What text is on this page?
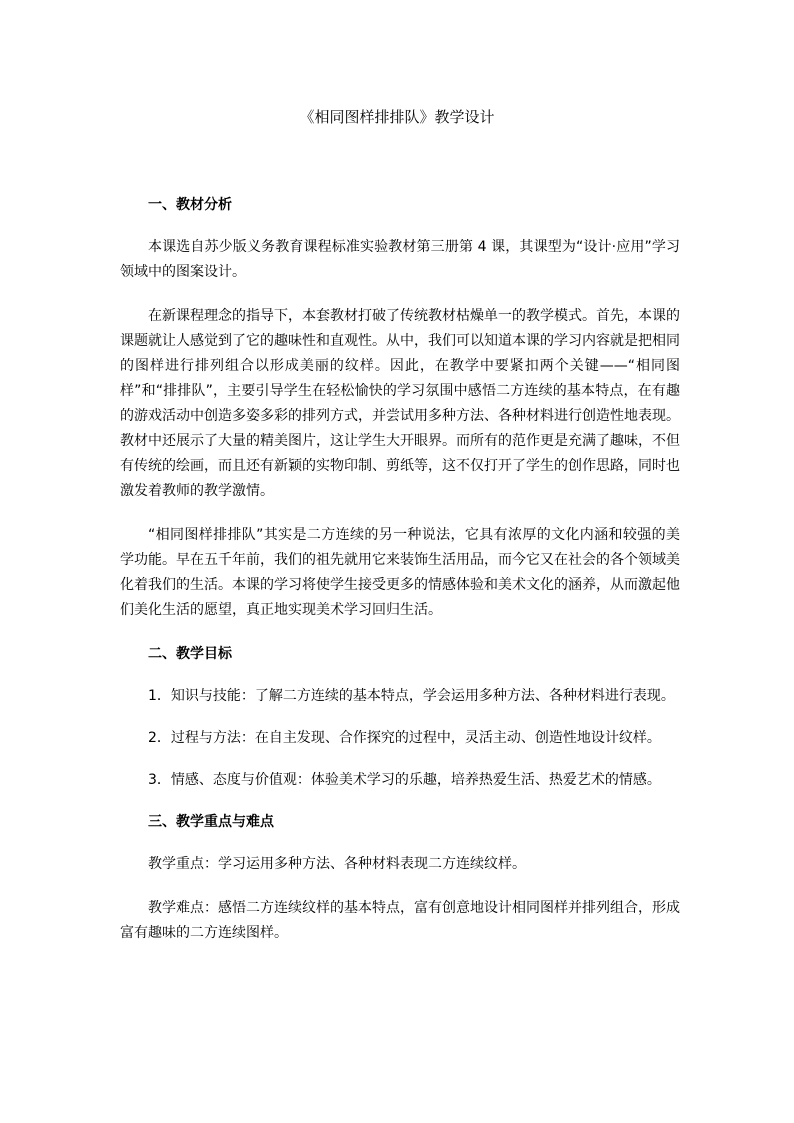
《相同图样排排队》教学设计
一、教材分析

本课选自苏少版义务教育课程标准实验教材第三册第 4 课，其课型为“设计·应用”学习领域中的图案设计。

在新课程理念的指导下，本套教材打破了传统教材枯燥单一的教学模式。首先，本课的课题就让人感觉到了它的趣味性和直观性。从中，我们可以知道本课的学习内容就是把相同的图样进行排列组合以形成美丽的纹样。因此，在教学中要紧扣两个关键——“相同图样”和“排排队”，主要引导学生在轻松愉快的学习氛围中感悟二方连续的基本特点，在有趣的游戏活动中创造多姿多彩的排列方式，并尝试用多种方法、各种材料进行创造性地表现。教材中还展示了大量的精美图片，这让学生大开眼界。而所有的范作更是充满了趣味，不但有传统的绘画，而且还有新颖的实物印制、剪纸等，这不仅打开了学生的创作思路，同时也激发着教师的教学激情。

“相同图样排排队”其实是二方连续的另一种说法，它具有浓厚的文化内涵和较强的美学功能。早在五千年前，我们的祖先就用它来装饰生活用品，而今它又在社会的各个领域美化着我们的生活。本课的学习将使学生接受更多的情感体验和美术文化的涵养，从而激起他们美化生活的愿望，真正地实现美术学习回归生活。

二、教学目标
1．知识与技能：了解二方连续的基本特点，学会运用多种方法、各种材料进行表现。
2．过程与方法：在自主发现、合作探究的过程中，灵活主动、创造性地设计纹样。
3．情感、态度与价值观：体验美术学习的乐趣，培养热爱生活、热爱艺术的情感。
三、教学重点与难点

教学重点：学习运用多种方法、各种材料表现二方连续纹样。

教学难点：感悟二方连续纹样的基本特点，富有创意地设计相同图样并排列组合，形成富有趣味的二方连续图样。
